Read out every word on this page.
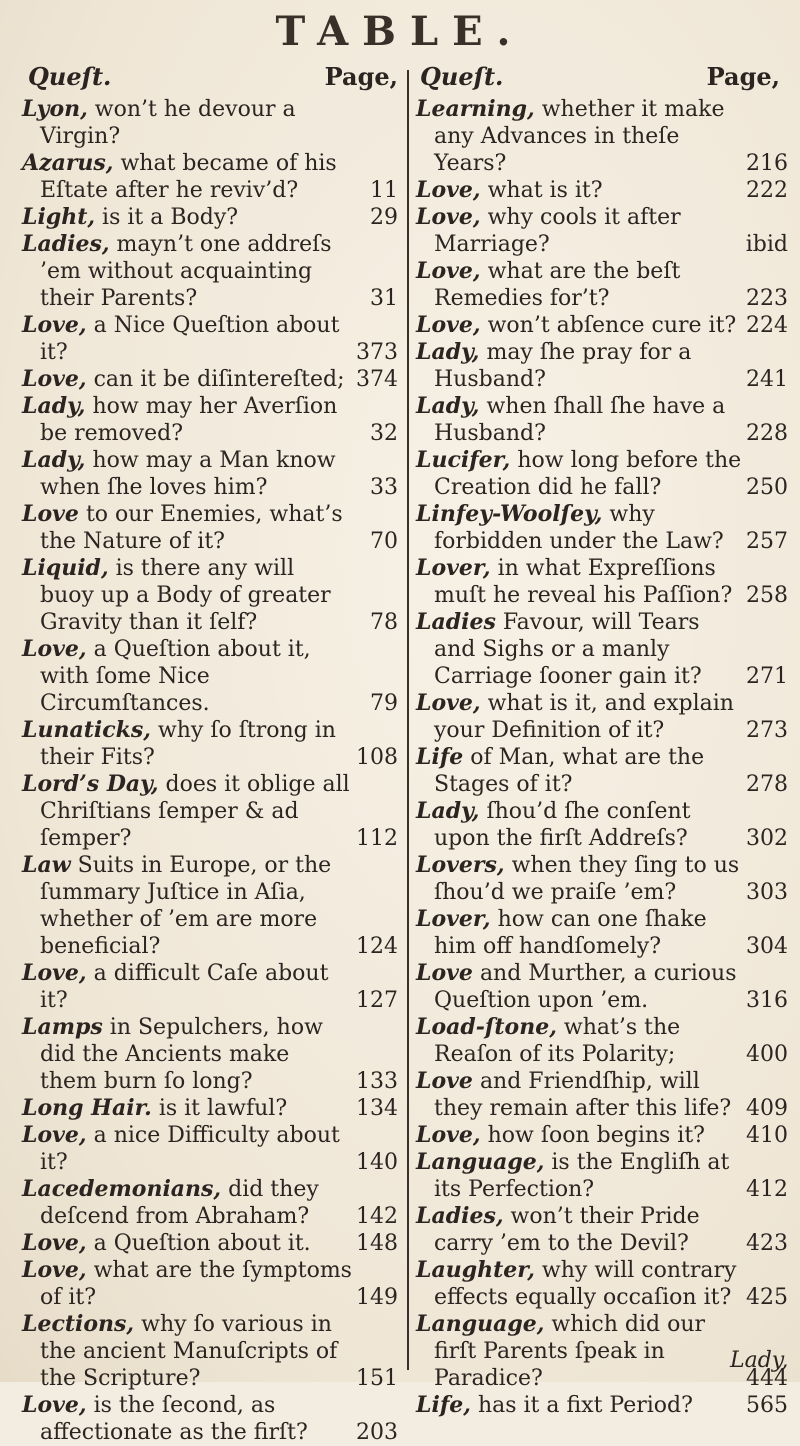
TABLE.
Queſt.	Page, Queſt.	Page,
Lyon, won’t he devour a Virgin?
Azarus, what became of his Eſtate after he reviv’d?	11
Light, is it a Body?	29
Ladies, mayn’t one addreſs ’em without acquainting their Parents?	31
Love, a Nice Queſtion about it?	373
Love, can it be diſintereſted; 374
Lady, how may her Averſion be removed?	32
Lady, how may a Man know when ſhe loves him?	33
Love to our Enemies, what’s the Nature of it?	70
Liquid, is there any will buoy up a Body of greater Gravity than it ſelf?	78
Love, a Queſtion about it, with ſome Nice Circumſtances.	79
Lunaticks, why ſo ſtrong in their Fits?	108
Lord’s Day, does it oblige all Chriſtians ſemper & ad ſemper?	112
Law Suits in Europe, or the ſummary Juſtice in Aſia, whether of ’em are more beneficial?	124
Love, a difficult Caſe about it?	127
Lamps in Sepulchers, how did the Ancients make them burn ſo long?	133
Long Hair. is it lawful?	134
Love, a nice Difficulty about it?	140
Lacedemonians, did they deſcend from Abraham?	142
Love, a Queſtion about it.	148
Love, what are the ſymptoms of it?	149
Lections, why ſo various in the ancient Manuſcripts of the Scripture?	151
Love, is the ſecond, as affectionate as the firſt?	203
Learning, whether it make any Advances in theſe Years?	216
Love, what is it?	222
Love, why cools it after Marriage?	ibid
Love, what are the beſt Remedies for’t?	223
Love, won’t abſence cure it? 224
Lady, may ſhe pray for a Husband?	241
Lady, when ſhall ſhe have a Husband?	228
Lucifer, how long before the Creation did he fall?	250
Linfey-Woolſey, why forbidden under the Law?	257
Lover, in what Expreſſions muſt he reveal his Paſſion? 258
Ladies Favour, will Tears and Sighs or a manly Carriage ſooner gain it?	271
Love, what is it, and explain your Definition of it?	273
Life of Man, what are the Stages of it?	278
Lady, ſhou’d ſhe conſent upon the firſt Addreſs?	302
Lovers, when they ſing to us ſhou’d we praiſe ’em?	303
Lover, how can one ſhake him off handſomely?	304
Love and Murther, a curious Queſtion upon ’em.	316
Load-ſtone, what’s the Reaſon of its Polarity;	400
Love and Friendſhip, will they remain after this life? 409
Love, how ſoon begins it?	410
Language, is the Engliſh at its Perfection?	412
Ladies, won’t their Pride carry ’em to the Devil?	423
Laughter, why will contrary effects equally occaſion it? 425
Language, which did our firſt Parents ſpeak in Paradice?	444
Life, has it a fixt Period?	565
Lady,
